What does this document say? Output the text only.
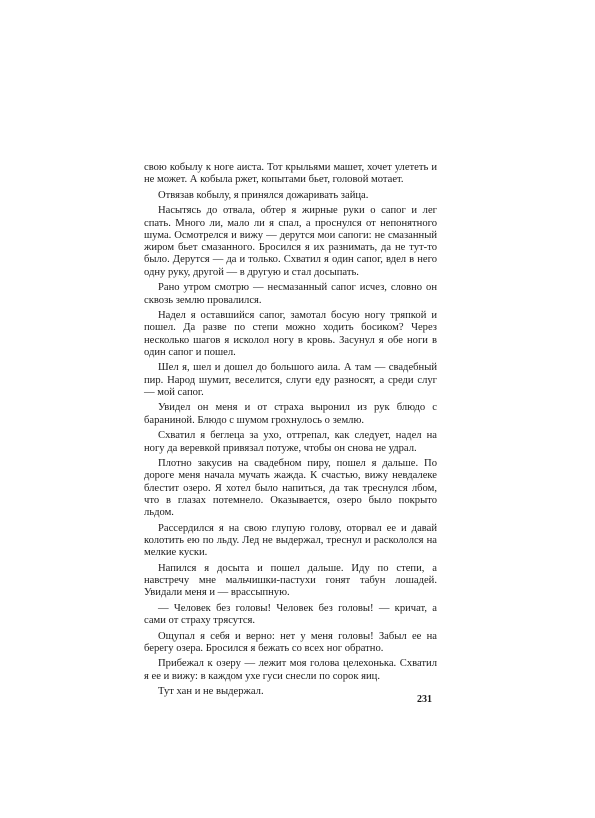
свою кобылу к ноге аиста. Тот крыльями машет, хочет улететь и не может. А кобыла ржет, копытами бьет, головой мотает.

Отвязав кобылу, я принялся дожаривать зайца.

Насытясь до отвала, обтер я жирные руки о сапог и лег спать. Много ли, мало ли я спал, а проснулся от непонятного шума. Осмотрелся и вижу — дерутся мои сапоги: не смазанный жиром бьет смазанного. Бросился я их разнимать, да не тут-то было. Дерутся — да и только. Схватил я один сапог, вдел в него одну руку, другой — в другую и стал досыпать.

Рано утром смотрю — несмазанный сапог исчез, словно он сквозь землю провалился.

Надел я оставшийся сапог, замотал босую ногу тряпкой и пошел. Да разве по степи можно ходить босиком? Через несколько шагов я исколол ногу в кровь. Засунул я обе ноги в один сапог и пошел.

Шел я, шел и дошел до большого аила. А там — свадебный пир. Народ шумит, веселится, слуги еду разносят, а среди слуг — мой сапог.

Увидел он меня и от страха выронил из рук блюдо с бараниной. Блюдо с шумом грохнулось о землю.

Схватил я беглеца за ухо, оттрепал, как следует, надел на ногу да веревкой привязал потуже, чтобы он снова не удрал.

Плотно закусив на свадебном пиру, пошел я дальше. По дороге меня начала мучать жажда. К счастью, вижу невдалеке блестит озеро. Я хотел было напиться, да так треснулся лбом, что в глазах потемнело. Оказывается, озеро было покрыто льдом.

Рассердился я на свою глупую голову, оторвал ее и давай колотить ею по льду. Лед не выдержал, треснул и раскололся на мелкие куски.

Напился я досыта и пошел дальше. Иду по степи, а навстречу мне мальчишки-пастухи гонят табун лошадей. Увидали меня и — врассыпную.

— Человек без головы! Человек без головы! — кричат, а сами от страху трясутся.

Ощупал я себя и верно: нет у меня головы! Забыл ее на берегу озера. Бросился я бежать со всех ног обратно.

Прибежал к озеру — лежит моя голова целехонька. Схватил я ее и вижу: в каждом ухе гуси снесли по сорок яиц.

Тут хан и не выдержал.

231
